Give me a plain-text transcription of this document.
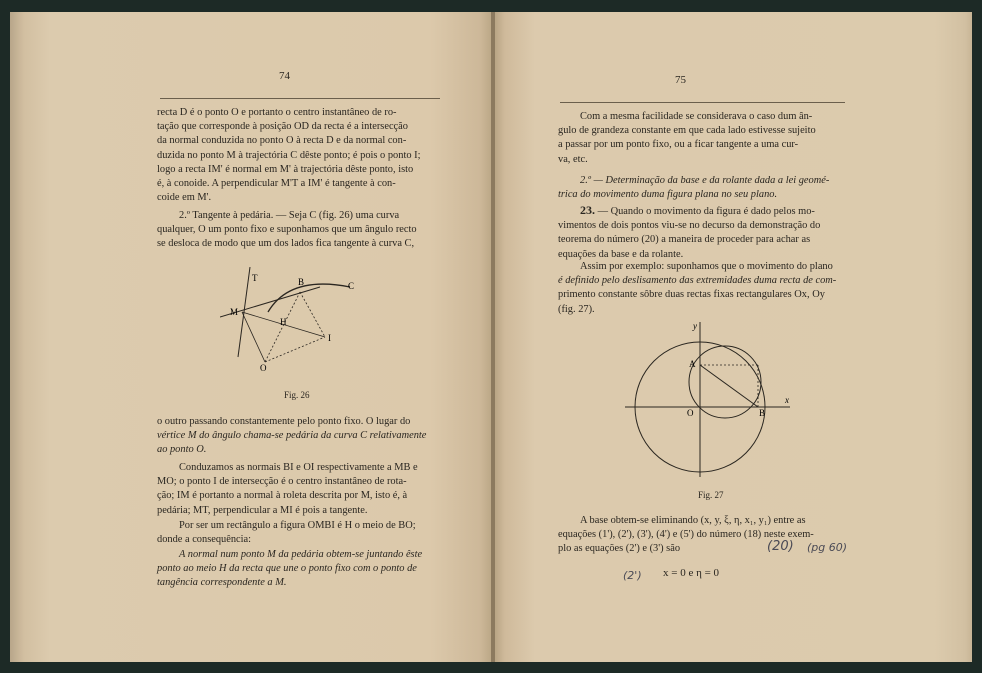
74

recta D é o ponto O e portanto o centro instantâneo de ro-

tação que corresponde à posição OD da recta é a intersecção

da normal conduzida no ponto O à recta D e da normal con-

duzida no ponto M à trajectória C dêste ponto; é pois o ponto I;

logo a recta IM' é normal em M' à trajectória dêste ponto, isto

é, à conoide. A perpendicular M'T a IM' é tangente à con-

coide em M'.

2.º Tangente à pedária. — Seja C (fig. 26) uma curva

qualquer, O um ponto fixo e suponhamos que um ângulo recto

se desloca de modo que um dos lados fica tangente à curva C,

T	B	C
M
H
I
O
Fig. 26

o outro passando constantemente pelo ponto fixo. O lugar do

vértice M do ângulo chama-se pedária da curva C relativamente

ao ponto O.

Conduzamos as normais BI e OI respectivamente a MB e

MO; o ponto I de intersecção é o centro instantâneo de rota-

ção; IM é portanto a normal à roleta descrita por M, isto é, à

pedária; MT, perpendicular a MI é pois a tangente.

Por ser um rectângulo a figura OMBI é H o meio de BO;

donde a consequência:

A normal num ponto M da pedária obtem-se juntando êste

ponto ao meio H da recta que une o ponto fixo com o ponto de

tangência correspondente a M.

75

Com a mesma facilidade se considerava o caso dum ân-

gulo de grandeza constante em que cada lado estivesse sujeito

a passar por um ponto fixo, ou a ficar tangente a uma cur-

va, etc.

2.º — Determinação da base e da rolante dada a lei geomé-

trica do movimento duma figura plana no seu plano.

23. — Quando o movimento da figura é dado pelos mo-

vimentos de dois pontos viu-se no decurso da demonstração do

teorema do número (20) a maneira de proceder para achar as

equações da base e da rolante.

Assim por exemplo: suponhamos que o movimento do plano

é definido pelo deslisamento das extremidades duma recta de com-

primento constante sôbre duas rectas fixas rectangulares Ox, Oy

(fig. 27).

y
x
A
O	B
Fig. 27

A base obtem-se eliminando (x, y, ξ, η, x₁, y₁) entre as

equações (1'), (2'), (3'), (4') e (5') do número (18) neste exem-

plo as equações (2') e (3') são	(20) (pg 60)
(2') x = 0 e η = 0
